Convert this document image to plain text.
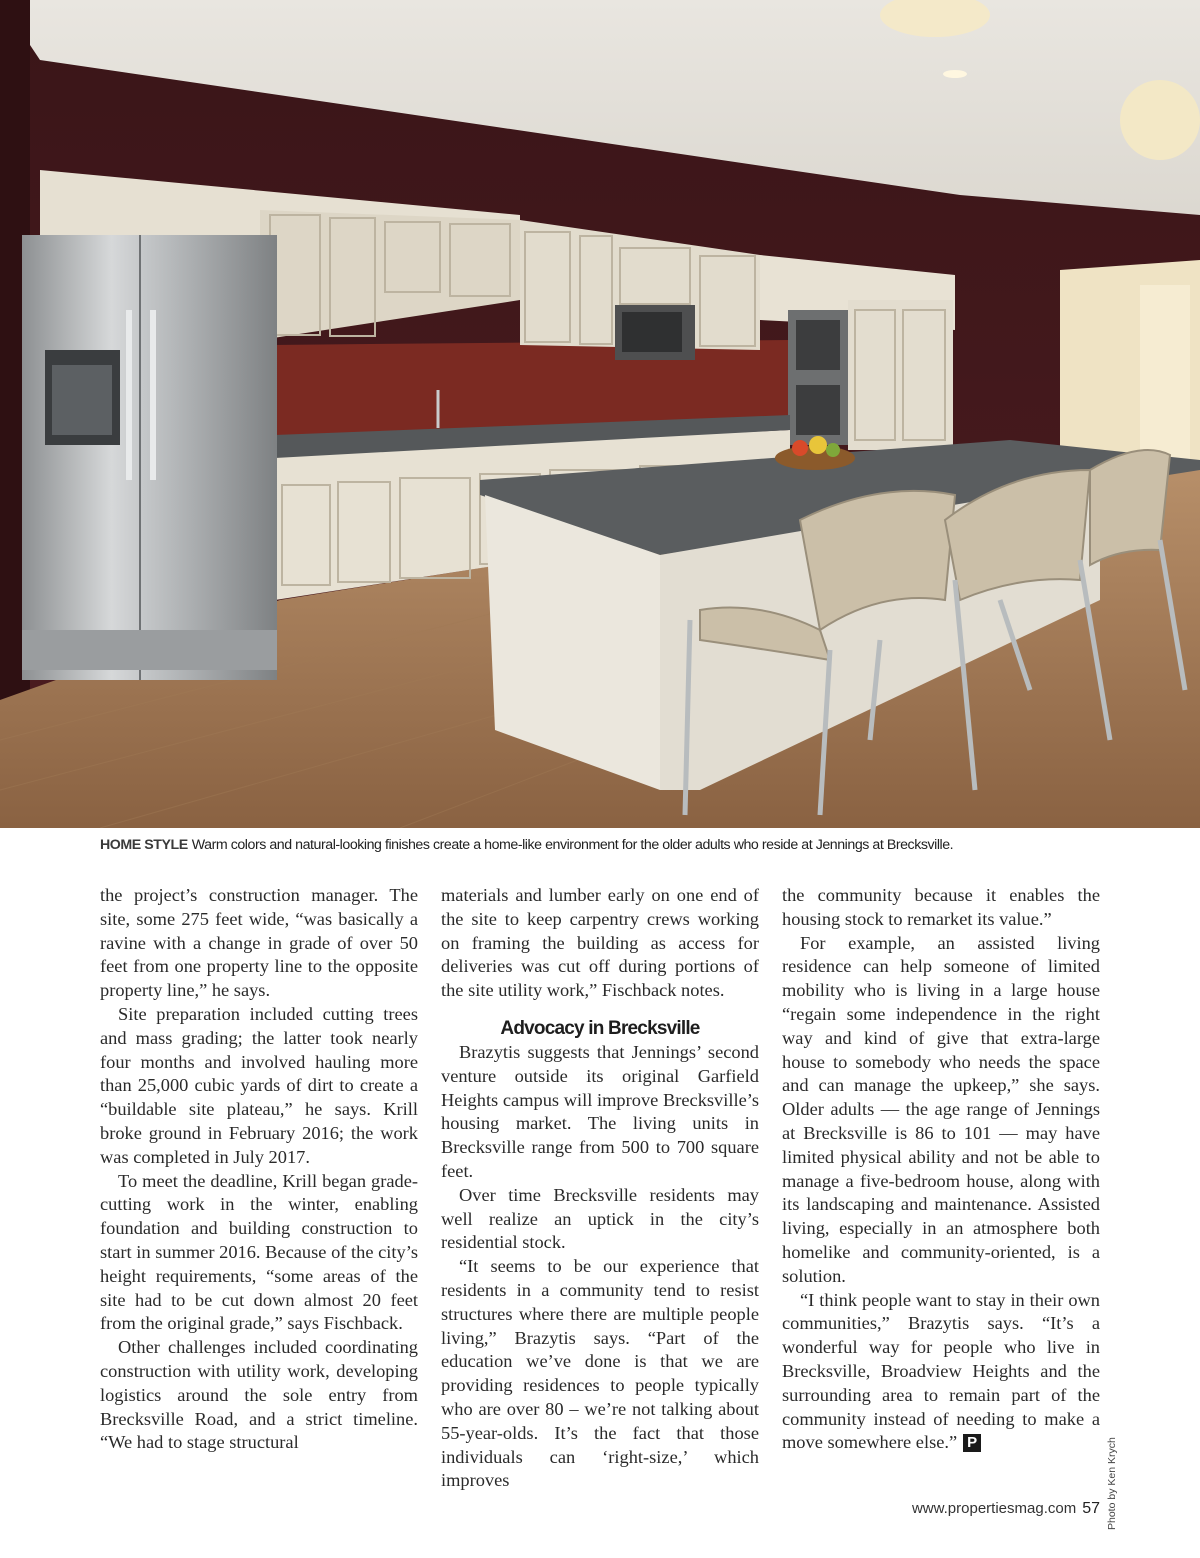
HOME STYLE Warm colors and natural-looking finishes create a home-like environment for the older adults who reside at Jennings at Brecksville.

the project’s construction manager. The site, some 275 feet wide, “was basically a ravine with a change in grade of over 50 feet from one property line to the opposite property line,” he says.

Site preparation included cutting trees and mass grading; the latter took nearly four months and involved hauling more than 25,000 cubic yards of dirt to create a “buildable site plateau,” he says. Krill broke ground in February 2016; the work was completed in July 2017.

To meet the deadline, Krill began grade-cutting work in the winter, enabling foundation and building construction to start in summer 2016. Because of the city’s height requirements, “some areas of the site had to be cut down almost 20 feet from the original grade,” says Fischback.

Other challenges included coordinating construction with utility work, developing logistics around the sole entry from Brecksville Road, and a strict timeline. “We had to stage structural

materials and lumber early on one end of the site to keep carpentry crews working on framing the building as access for deliveries was cut off during portions of the site utility work,” Fischback notes.

Advocacy in Brecksville

Brazytis suggests that Jennings’ second venture outside its original Garfield Heights campus will improve Brecksville’s housing market. The living units in Brecksville range from 500 to 700 square feet.

Over time Brecksville residents may well realize an uptick in the city’s residential stock.

“It seems to be our experience that residents in a community tend to resist structures where there are multiple people living,” Brazytis says. “Part of the education we’ve done is that we are providing residences to people typically who are over 80 – we’re not talking about 55-year-olds. It’s the fact that those individuals can ‘right-size,’ which improves

the community because it enables the housing stock to remarket its value.”

For example, an assisted living residence can help someone of limited mobility who is living in a large house “regain some independence in the right way and kind of give that extra-large house to somebody who needs the space and can manage the upkeep,” she says. Older adults — the age range of Jennings at Brecksville is 86 to 101 — may have limited physical ability and not be able to manage a five-bedroom house, along with its landscaping and maintenance. Assisted living, especially in an atmosphere both homelike and community-oriented, is a solution.

“I think people want to stay in their own communities,” Brazytis says. “It’s a wonderful way for people who live in Brecksville, Broadview Heights and the surrounding area to remain part of the community instead of needing to make a move somewhere else.” P	Photo by Ken Krych
www.propertiesmag.com 57
